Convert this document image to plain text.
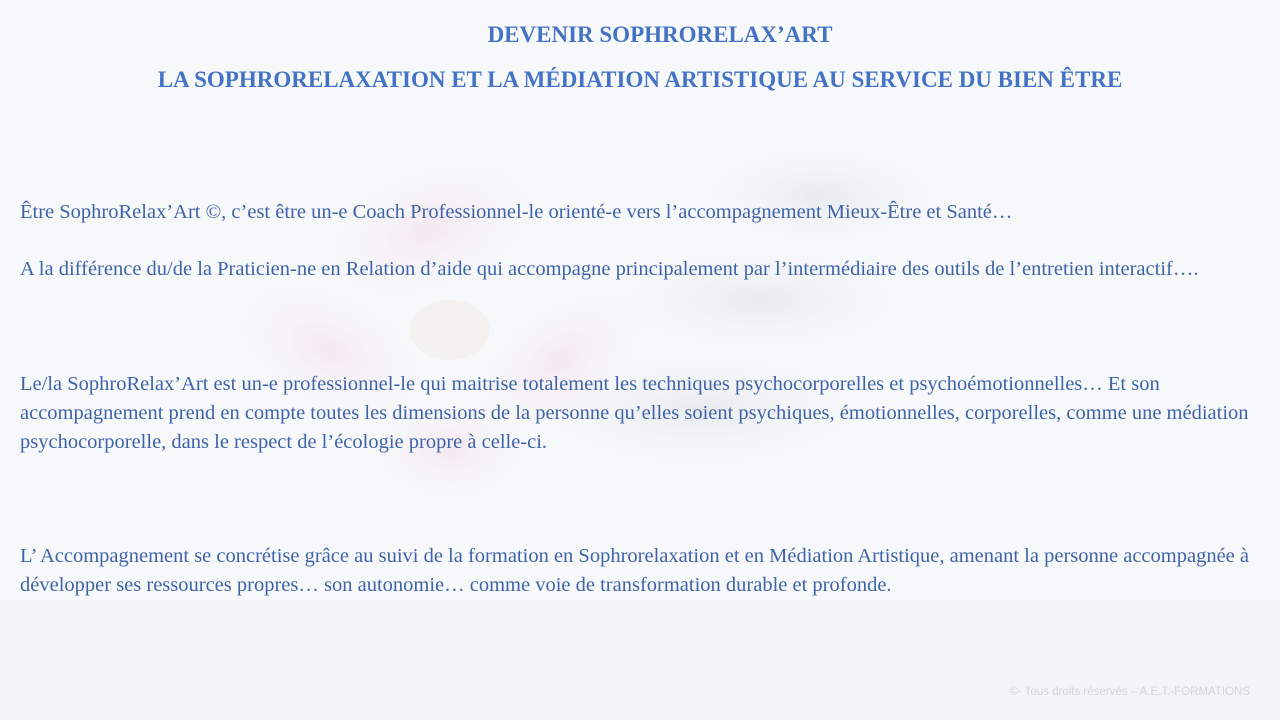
DEVENIR SOPHRORELAX’ART
LA SOPHRORELAXATION ET LA MÉDIATION ARTISTIQUE AU SERVICE DU BIEN ÊTRE

Être SophroRelax’Art ©, c’est être un-e Coach Professionnel-le orienté-e vers l’accompagnement Mieux-Être et Santé…

A la différence du/de la Praticien-ne en Relation d’aide qui accompagne principalement par l’intermédiaire des outils de l’entretien interactif….

Le/la SophroRelax’Art est un-e professionnel-le qui maitrise totalement les techniques psychocorporelles et psychoémotionnelles… Et son accompagnement prend en compte toutes les dimensions de la personne qu’elles soient psychiques, émotionnelles, corporelles, comme une médiation psychocorporelle, dans le respect de l’écologie propre à celle-ci.

L’ Accompagnement se concrétise grâce au suivi de la formation en Sophrorelaxation et en Médiation Artistique, amenant la personne accompagnée à développer ses ressources propres… son autonomie… comme voie de transformation durable et profonde.

©- Tous droits réservés – A.E.T.-FORMATIONS
